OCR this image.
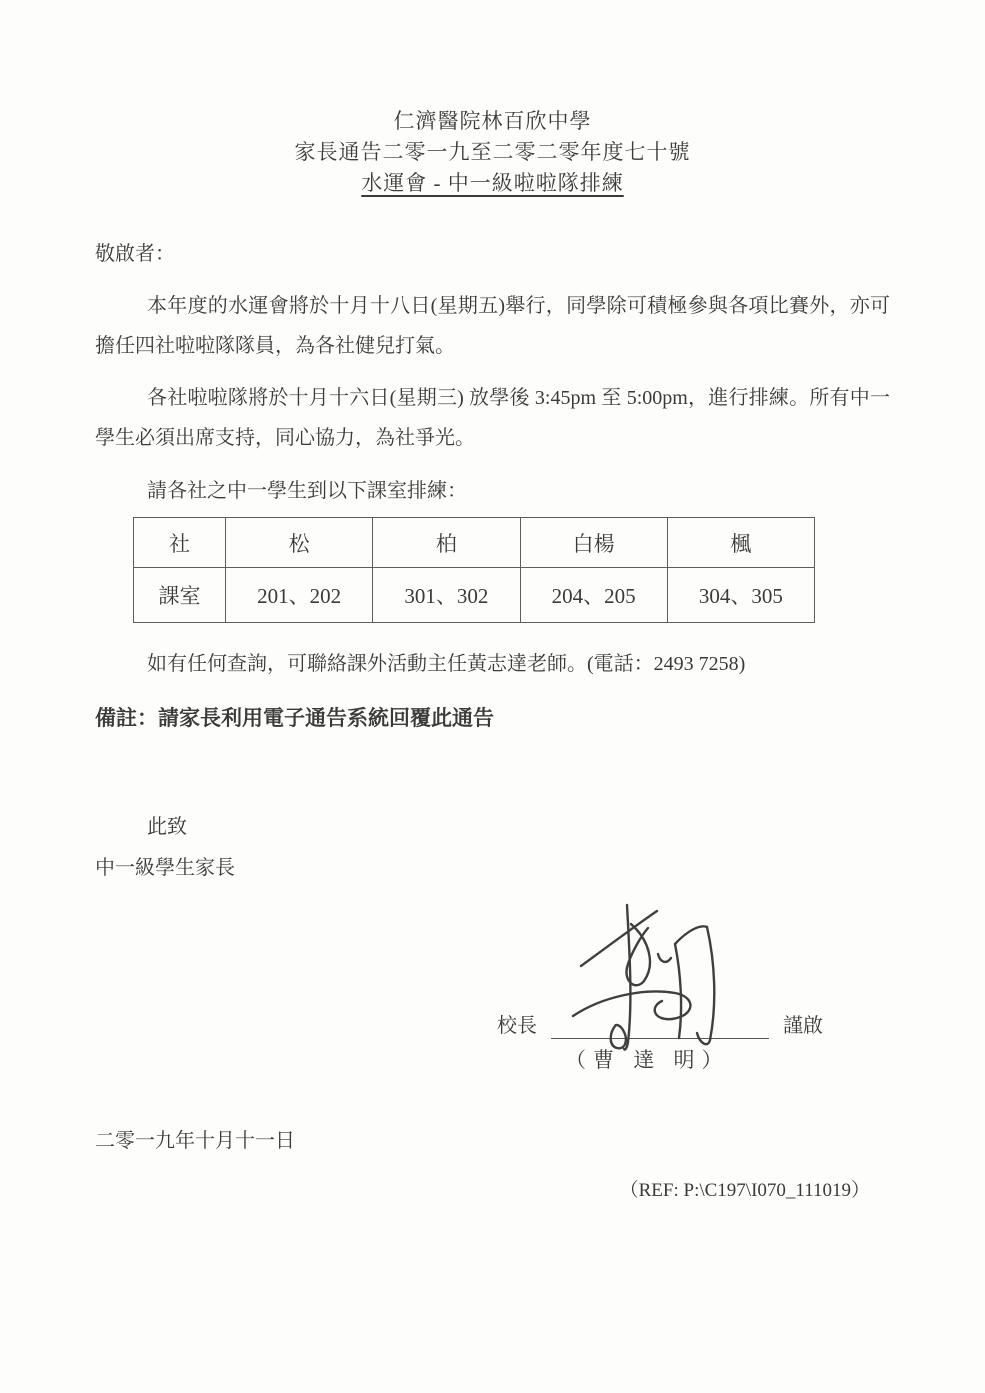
仁濟醫院林百欣中學
家長通告二零一九至二零二零年度七十號
水運會 - 中一級啦啦隊排練
敬啟者：
本年度的水運會將於十月十八日(星期五)舉行，同學除可積極參與各項比賽外，亦可擔任四社啦啦隊隊員，為各社健兒打氣。
各社啦啦隊將於十月十六日(星期三) 放學後 3:45pm 至 5:00pm，進行排練。所有中一學生必須出席支持，同心協力，為社爭光。
請各社之中一學生到以下課室排練：
社	松	柏	白楊	楓
課室	201、202	301、302	204、205	304、305
如有任何查詢，可聯絡課外活動主任黃志達老師。(電話：2493 7258)
備註：請家長利用電子通告系統回覆此通告
此致
中一級學生家長
校長	謹啟
（曹 達 明）
二零一九年十月十一日
（REF: P:\C197\I070_111019）
